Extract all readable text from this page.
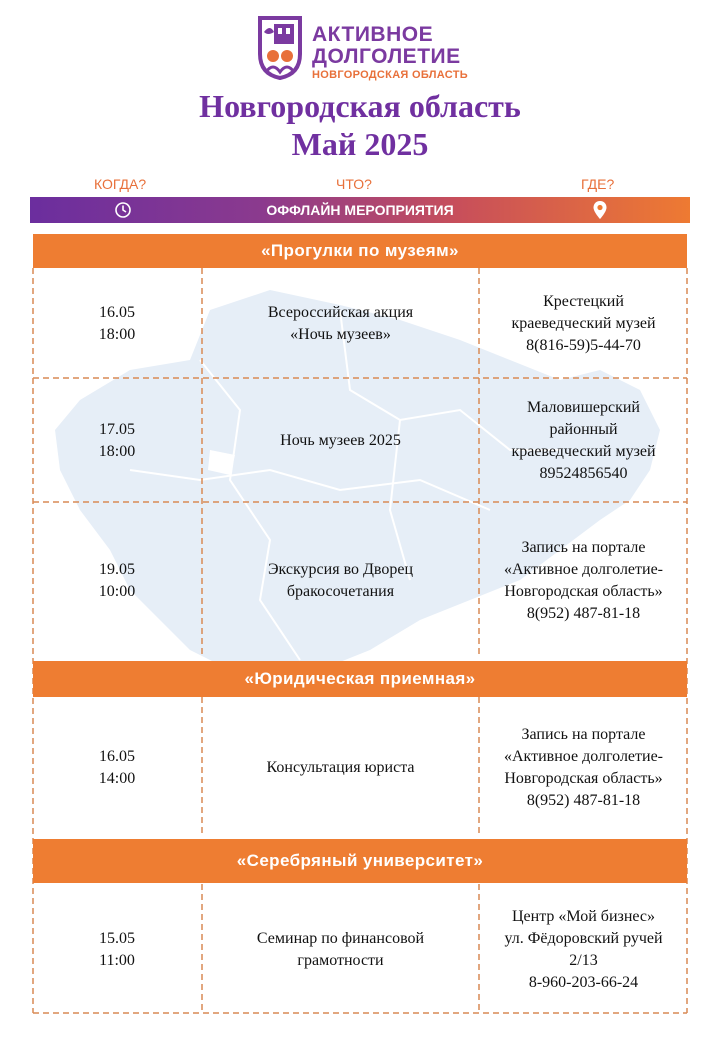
АКТИВНОЕ
ДОЛГОЛЕТИЕ
НОВГОРОДСКАЯ ОБЛАСТЬ
Новгородская область
Май 2025
КОГДА?	ЧТО?	ГДЕ?
ОФФЛАЙН МЕРОПРИЯТИЯ
«Прогулки по музеям»
16.05
18:00
Всероссийская акция
«Ночь музеев»
Крестецкий
краеведческий музей
8(816-59)5-44-70
17.05
18:00
Ночь музеев 2025
Маловишерский
районный
краеведческий музей
89524856540
19.05
10:00
Экскурсия во Дворец
бракосочетания
Запись на портале
«Активное долголетие-
Новгородская область»
8(952) 487-81-18
«Юридическая приемная»
16.05
14:00
Консультация юриста
Запись на портале
«Активное долголетие-
Новгородская область»
8(952) 487-81-18
«Серебряный университет»
15.05
11:00
Семинар по финансовой
грамотности
Центр «Мой бизнес»
ул. Фёдоровский ручей
2/13
8-960-203-66-24
